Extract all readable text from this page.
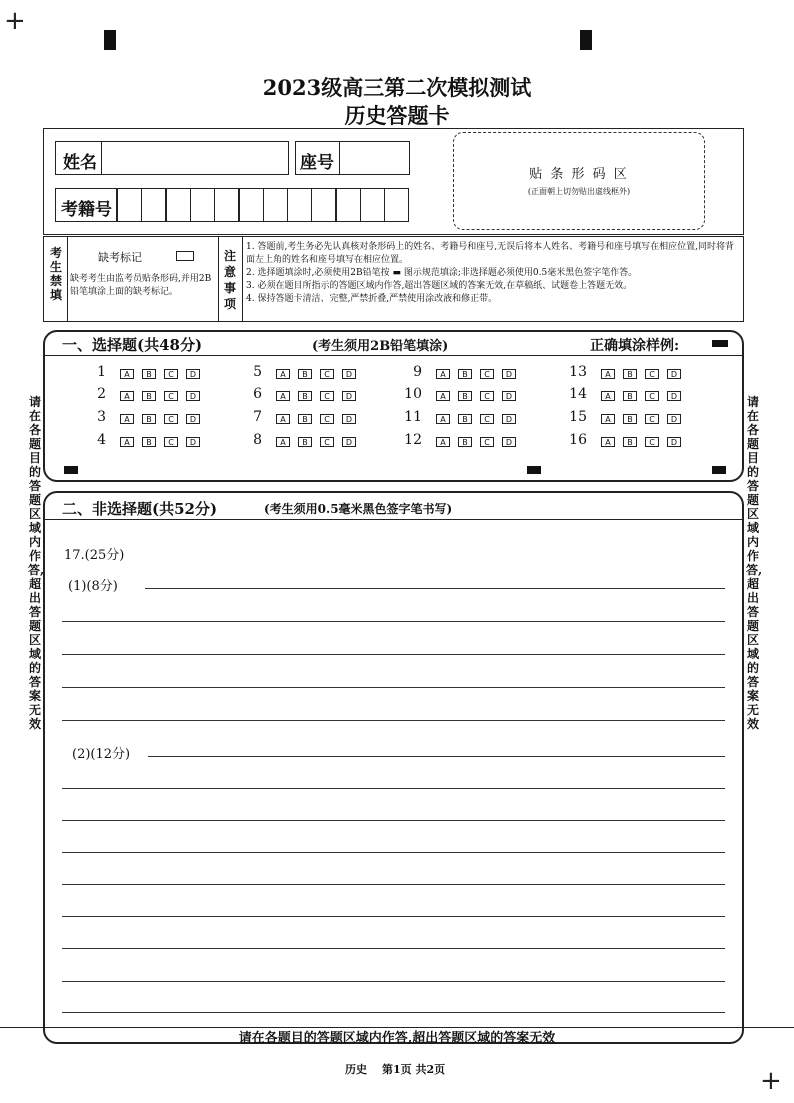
+
+
2023级高三第二次模拟测试
历史答题卡
姓名	座号
考籍号
贴 条 形 码 区
(正面朝上切勿贴出虚线框外)
考生禁填
缺考标记
缺考考生由监考员贴条形码,并用2B铅笔填涂上面的缺考标记。
注意事项
1. 答题前,考生务必先认真核对条形码上的姓名、考籍号和座号,无误后将本人姓名、考籍号和座号填写在相应位置,同时将背面左上角的姓名和座号填写在相应位置。
2. 选择题填涂时,必须使用2B铅笔按 ▬ 图示规范填涂;非选择题必须使用0.5毫米黑色签字笔作答。
3. 必须在题目所指示的答题区域内作答,超出答题区域的答案无效,在草稿纸、试题卷上答题无效。
4. 保持答题卡清洁、完整,严禁折叠,严禁使用涂改液和修正带。
一、选择题(共48分)	(考生须用2B铅笔填涂)	正确填涂样例:
1	A	B	C	D
2	A	B	C	D
3	A	B	C	D
4	A	B	C	D
5	A	B	C	D
6	A	B	C	D
7	A	B	C	D
8	A	B	C	D
9	A	B	C	D
10	A	B	C	D
11	A	B	C	D
12	A	B	C	D
13	A	B	C	D
14	A	B	C	D
15	A	B	C	D
16	A	B	C	D
二、非选择题(共52分)	(考生须用0.5毫米黑色签字笔书写)
17.(25分)
(1)(8分)
(2)(12分)
请在各题目的答题区域内作答,超出答题区域的答案无效
请在各题目的答题区域内作答,超出答题区域的答案无效
请在各题目的答题区域内作答,超出答题区域的答案无效
历史 第1页 共2页
